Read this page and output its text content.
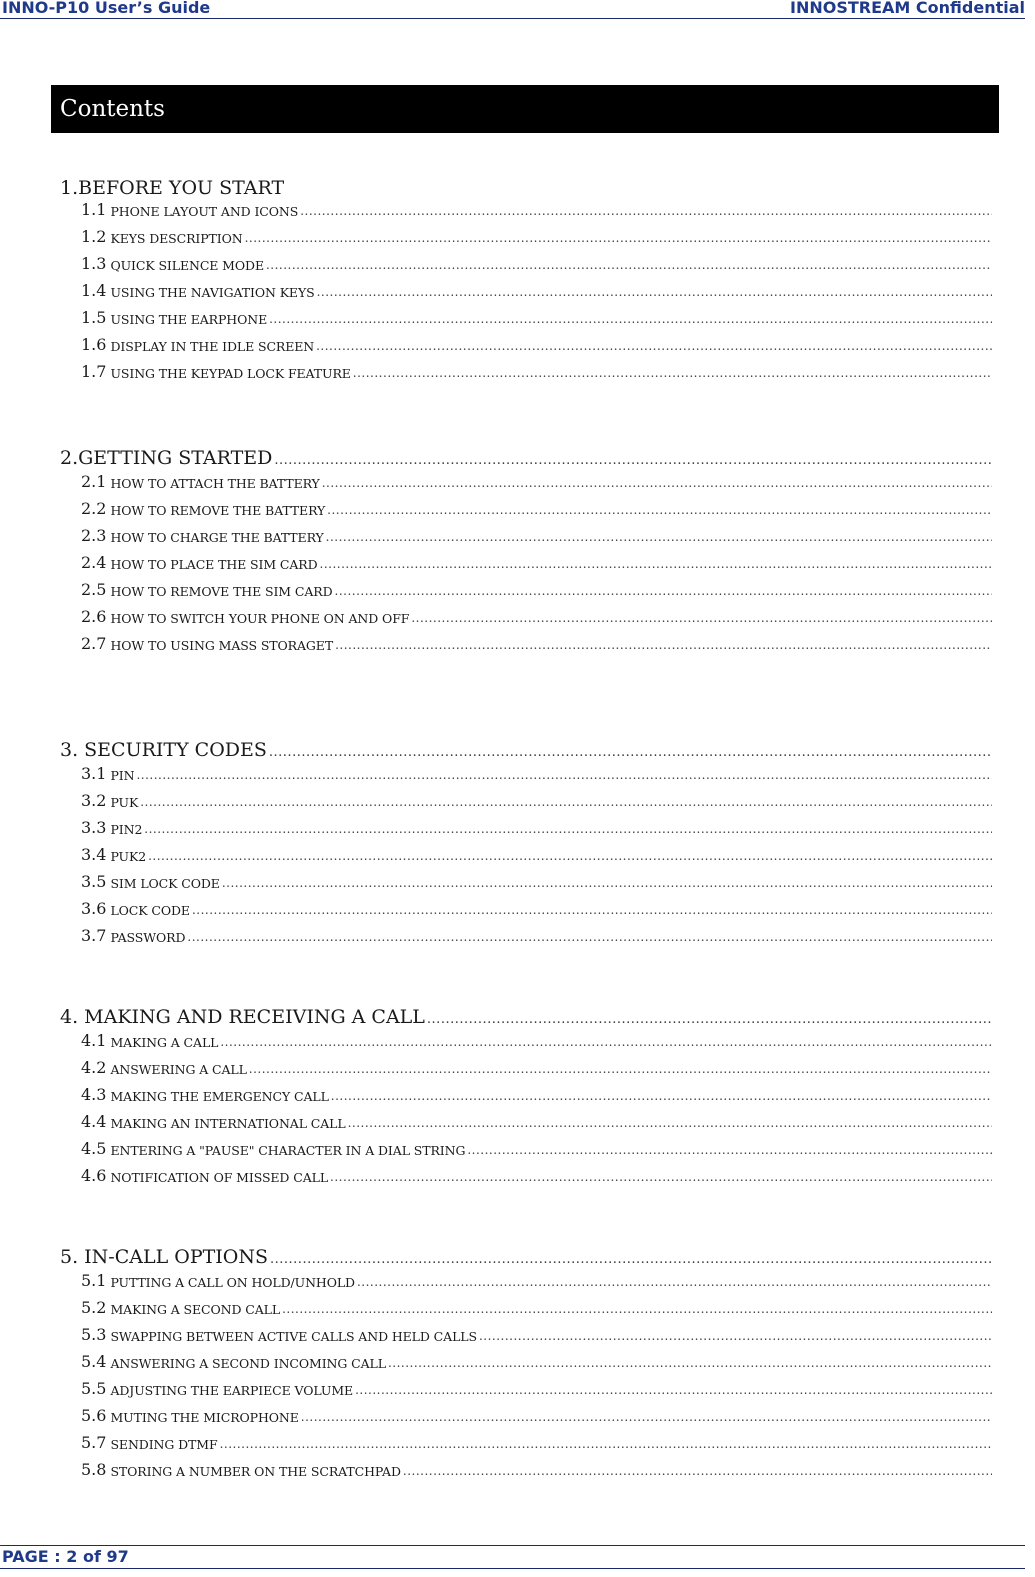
INNO-P10 User’s Guide	INNOSTREAM Confidential
Contents
1.BEFORE YOU START
1.1 PHONE LAYOUT AND ICONS
.....
1.2 KEYS DESCRIPTION
.....
1.3 QUICK SILENCE MODE
.....
1.4 USING THE NAVIGATION KEYS
.....
1.5 USING THE EARPHONE
.....
1.6 DISPLAY IN THE IDLE SCREEN
.....
1.7 USING THE KEYPAD LOCK FEATURE
.....
2.GETTING STARTED
.....
2.1 HOW TO ATTACH THE BATTERY
.....
2.2 HOW TO REMOVE THE BATTERY
.....
2.3 HOW TO CHARGE THE BATTERY
.....
2.4 HOW TO PLACE THE SIM CARD
.....
2.5 HOW TO REMOVE THE SIM CARD
.....
2.6 HOW TO SWITCH YOUR PHONE ON AND OFF
.....
2.7 HOW TO USING MASS STORAGET
.....
3. SECURITY CODES
.....
3.1 PIN
.....
3.2 PUK
.....
3.3 PIN2
.....
3.4 PUK2
.....
3.5 SIM LOCK CODE
.....
3.6 LOCK CODE
.....
3.7 PASSWORD
.....
4. MAKING AND RECEIVING A CALL
.....
4.1 MAKING A CALL
.....
4.2 ANSWERING A CALL
.....
4.3 MAKING THE EMERGENCY CALL
.....
4.4 MAKING AN INTERNATIONAL CALL
.....
4.5 ENTERING A "PAUSE" CHARACTER IN A DIAL STRING
.....
4.6 NOTIFICATION OF MISSED CALL
.....
5. IN-CALL OPTIONS
.....
5.1 PUTTING A CALL ON HOLD/UNHOLD
.....
5.2 MAKING A SECOND CALL
.....
5.3 SWAPPING BETWEEN ACTIVE CALLS AND HELD CALLS
.....
5.4 ANSWERING A SECOND INCOMING CALL
.....
5.5 ADJUSTING THE EARPIECE VOLUME
.....
5.6 MUTING THE MICROPHONE
.....
5.7 SENDING DTMF
.....
5.8 STORING A NUMBER ON THE SCRATCHPAD
.....
PAGE : 2 of 97
